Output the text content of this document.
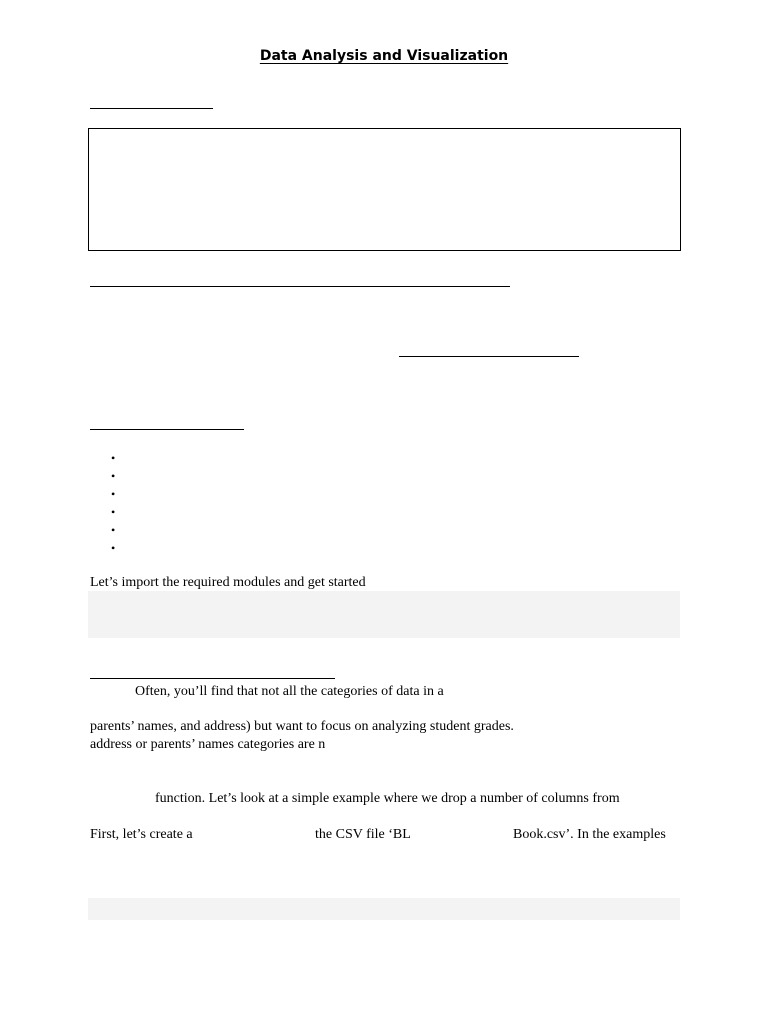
Data Analysis and Visualization
•
•
•
•
•
•
Let’s import the required modules and get started
Often, you’ll find that not all the categories of data in a
parents’ names, and address) but want to focus on analyzing student grades.
address or parents’ names categories are n
function. Let’s look at a simple example where we drop a number of columns from
First, let’s create a	the CSV file ‘BL	Book.csv’. In the examples
